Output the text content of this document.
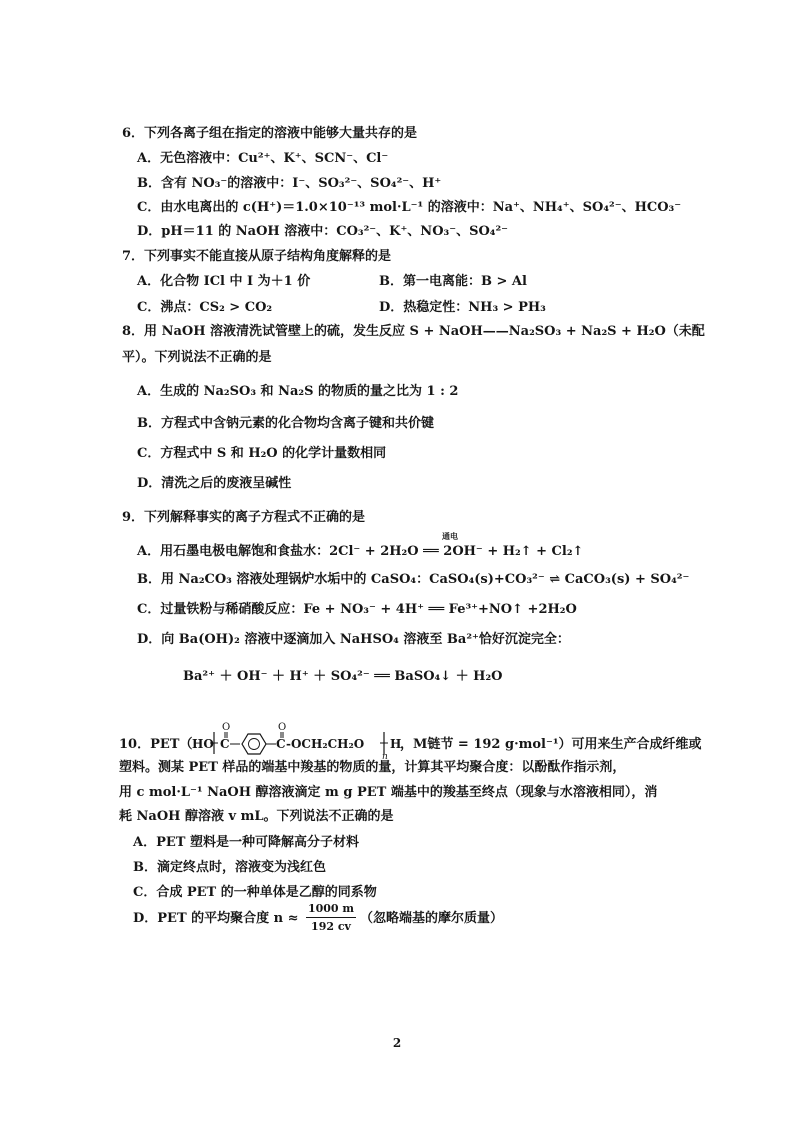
6．下列各离子组在指定的溶液中能够大量共存的是
A．无色溶液中：Cu²⁺、K⁺、SCN⁻、Cl⁻
B．含有 NO₃⁻的溶液中：I⁻、SO₃²⁻、SO₄²⁻、H⁺
C．由水电离出的 c(H⁺)＝1.0×10⁻¹³ mol·L⁻¹ 的溶液中：Na⁺、NH₄⁺、SO₄²⁻、HCO₃⁻
D．pH＝11 的 NaOH 溶液中：CO₃²⁻、K⁺、NO₃⁻、SO₄²⁻
7．下列事实不能直接从原子结构角度解释的是
A．化合物 ICl 中 I 为＋1 价	B．第一电离能：B > Al
C．沸点：CS₂ > CO₂	D．热稳定性：NH₃ > PH₃
8．用 NaOH 溶液清洗试管壁上的硫，发生反应 S + NaOH——Na₂SO₃ + Na₂S + H₂O（未配
平）。下列说法不正确的是
A．生成的 Na₂SO₃ 和 Na₂S 的物质的量之比为 1 : 2
B．方程式中含钠元素的化合物均含离子键和共价键
C．方程式中 S 和 H₂O 的化学计量数相同
D．清洗之后的废液呈碱性
9．下列解释事实的离子方程式不正确的是
A．用石墨电极电解饱和食盐水：2Cl⁻ + 2H₂O ══ 2OH⁻ + H₂↑ + Cl₂↑
通电
B．用 Na₂CO₃ 溶液处理锅炉水垢中的 CaSO₄：CaSO₄(s)+CO₃²⁻ ⇌ CaCO₃(s) + SO₄²⁻
C．过量铁粉与稀硝酸反应：Fe + NO₃⁻ + 4H⁺ ══ Fe³⁺+NO↑ +2H₂O
D．向 Ba(OH)₂ 溶液中逐滴加入 NaHSO₄ 溶液至 Ba²⁺恰好沉淀完全：
Ba²⁺ ＋ OH⁻ ＋ H⁺ ＋ SO₄²⁻ ══ BaSO₄↓ ＋ H₂O
10．PET（ HO
O
C
O
C -OCH₂CH₂O
n
H
，M链节 = 192 g·mol⁻¹）可用来生产合成纤维或
塑料。测某 PET 样品的端基中羧基的物质的量，计算其平均聚合度：以酚酞作指示剂，
用 c mol·L⁻¹ NaOH 醇溶液滴定 m g PET 端基中的羧基至终点（现象与水溶液相同），消
耗 NaOH 醇溶液 v mL。下列说法不正确的是
A．PET 塑料是一种可降解高分子材料
B．滴定终点时，溶液变为浅红色
C．合成 PET 的一种单体是乙醇的同系物
D．PET 的平均聚合度 n ≈
1000 m
192 cv
（忽略端基的摩尔质量）
2
